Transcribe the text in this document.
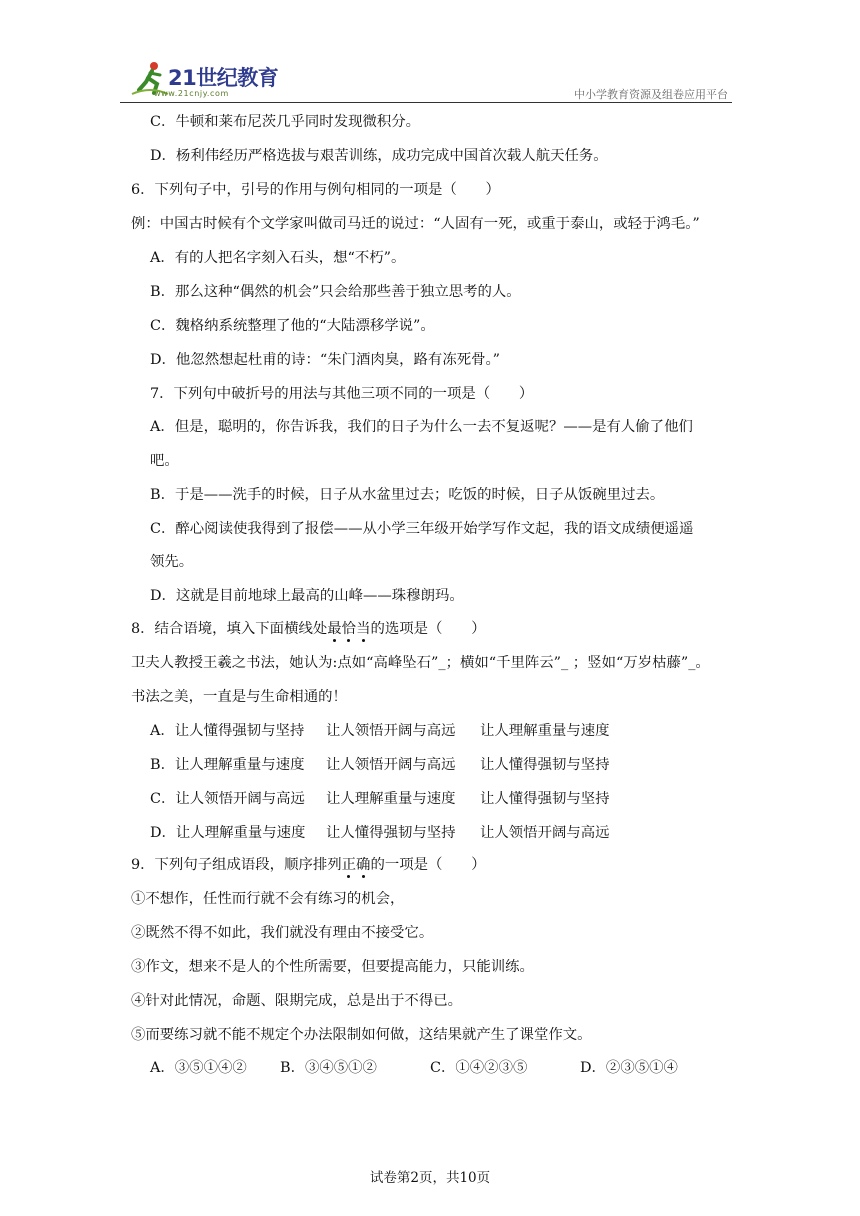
21世纪教育
www.21cnjy.com	中小学教育资源及组卷应用平台
C．牛顿和莱布尼茨几乎同时发现微积分。
D．杨利伟经历严格选拔与艰苦训练，成功完成中国首次载人航天任务。
6．下列句子中，引号的作用与例句相同的一项是（　　）
例：中国古时候有个文学家叫做司马迁的说过：“人固有一死，或重于泰山，或轻于鸿毛。”
A．有的人把名字刻入石头，想“不朽”。
B．那么这种“偶然的机会”只会给那些善于独立思考的人。
C．魏格纳系统整理了他的“大陆漂移学说”。
D．他忽然想起杜甫的诗：“朱门酒肉臭，路有冻死骨。”
7．下列句中破折号的用法与其他三项不同的一项是（　　）
A．但是，聪明的，你告诉我，我们的日子为什么一去不复返呢？——是有人偷了他们
吧。
B．于是——洗手的时候，日子从水盆里过去；吃饭的时候，日子从饭碗里过去。
C．醉心阅读使我得到了报偿——从小学三年级开始学写作文起，我的语文成绩便遥遥
领先。
D．这就是目前地球上最高的山峰——珠穆朗玛。
8．结合语境，填入下面横线处最恰当的选项是（　　）
卫夫人教授王羲之书法，她认为:点如“高峰坠石”_；横如“千里阵云”_ ；竖如“万岁枯藤”_。
书法之美，一直是与生命相通的！
A．让人懂得强韧与坚持 让人领悟开阔与高远 让人理解重量与速度
B．让人理解重量与速度 让人领悟开阔与高远 让人懂得强韧与坚持
C．让人领悟开阔与高远 让人理解重量与速度 让人懂得强韧与坚持
D．让人理解重量与速度 让人懂得强韧与坚持 让人领悟开阔与高远
9．下列句子组成语段，顺序排列正确的一项是（　　）
①不想作，任性而行就不会有练习的机会，
②既然不得不如此，我们就没有理由不接受它。
③作文，想来不是人的个性所需要，但要提高能力，只能训练。
④针对此情况，命题、限期完成，总是出于不得已。
⑤而要练习就不能不规定个办法限制如何做，这结果就产生了课堂作文。
A．③⑤①④② B．③④⑤①②	C．①④②③⑤	D．②③⑤①④
试卷第2页，共10页
